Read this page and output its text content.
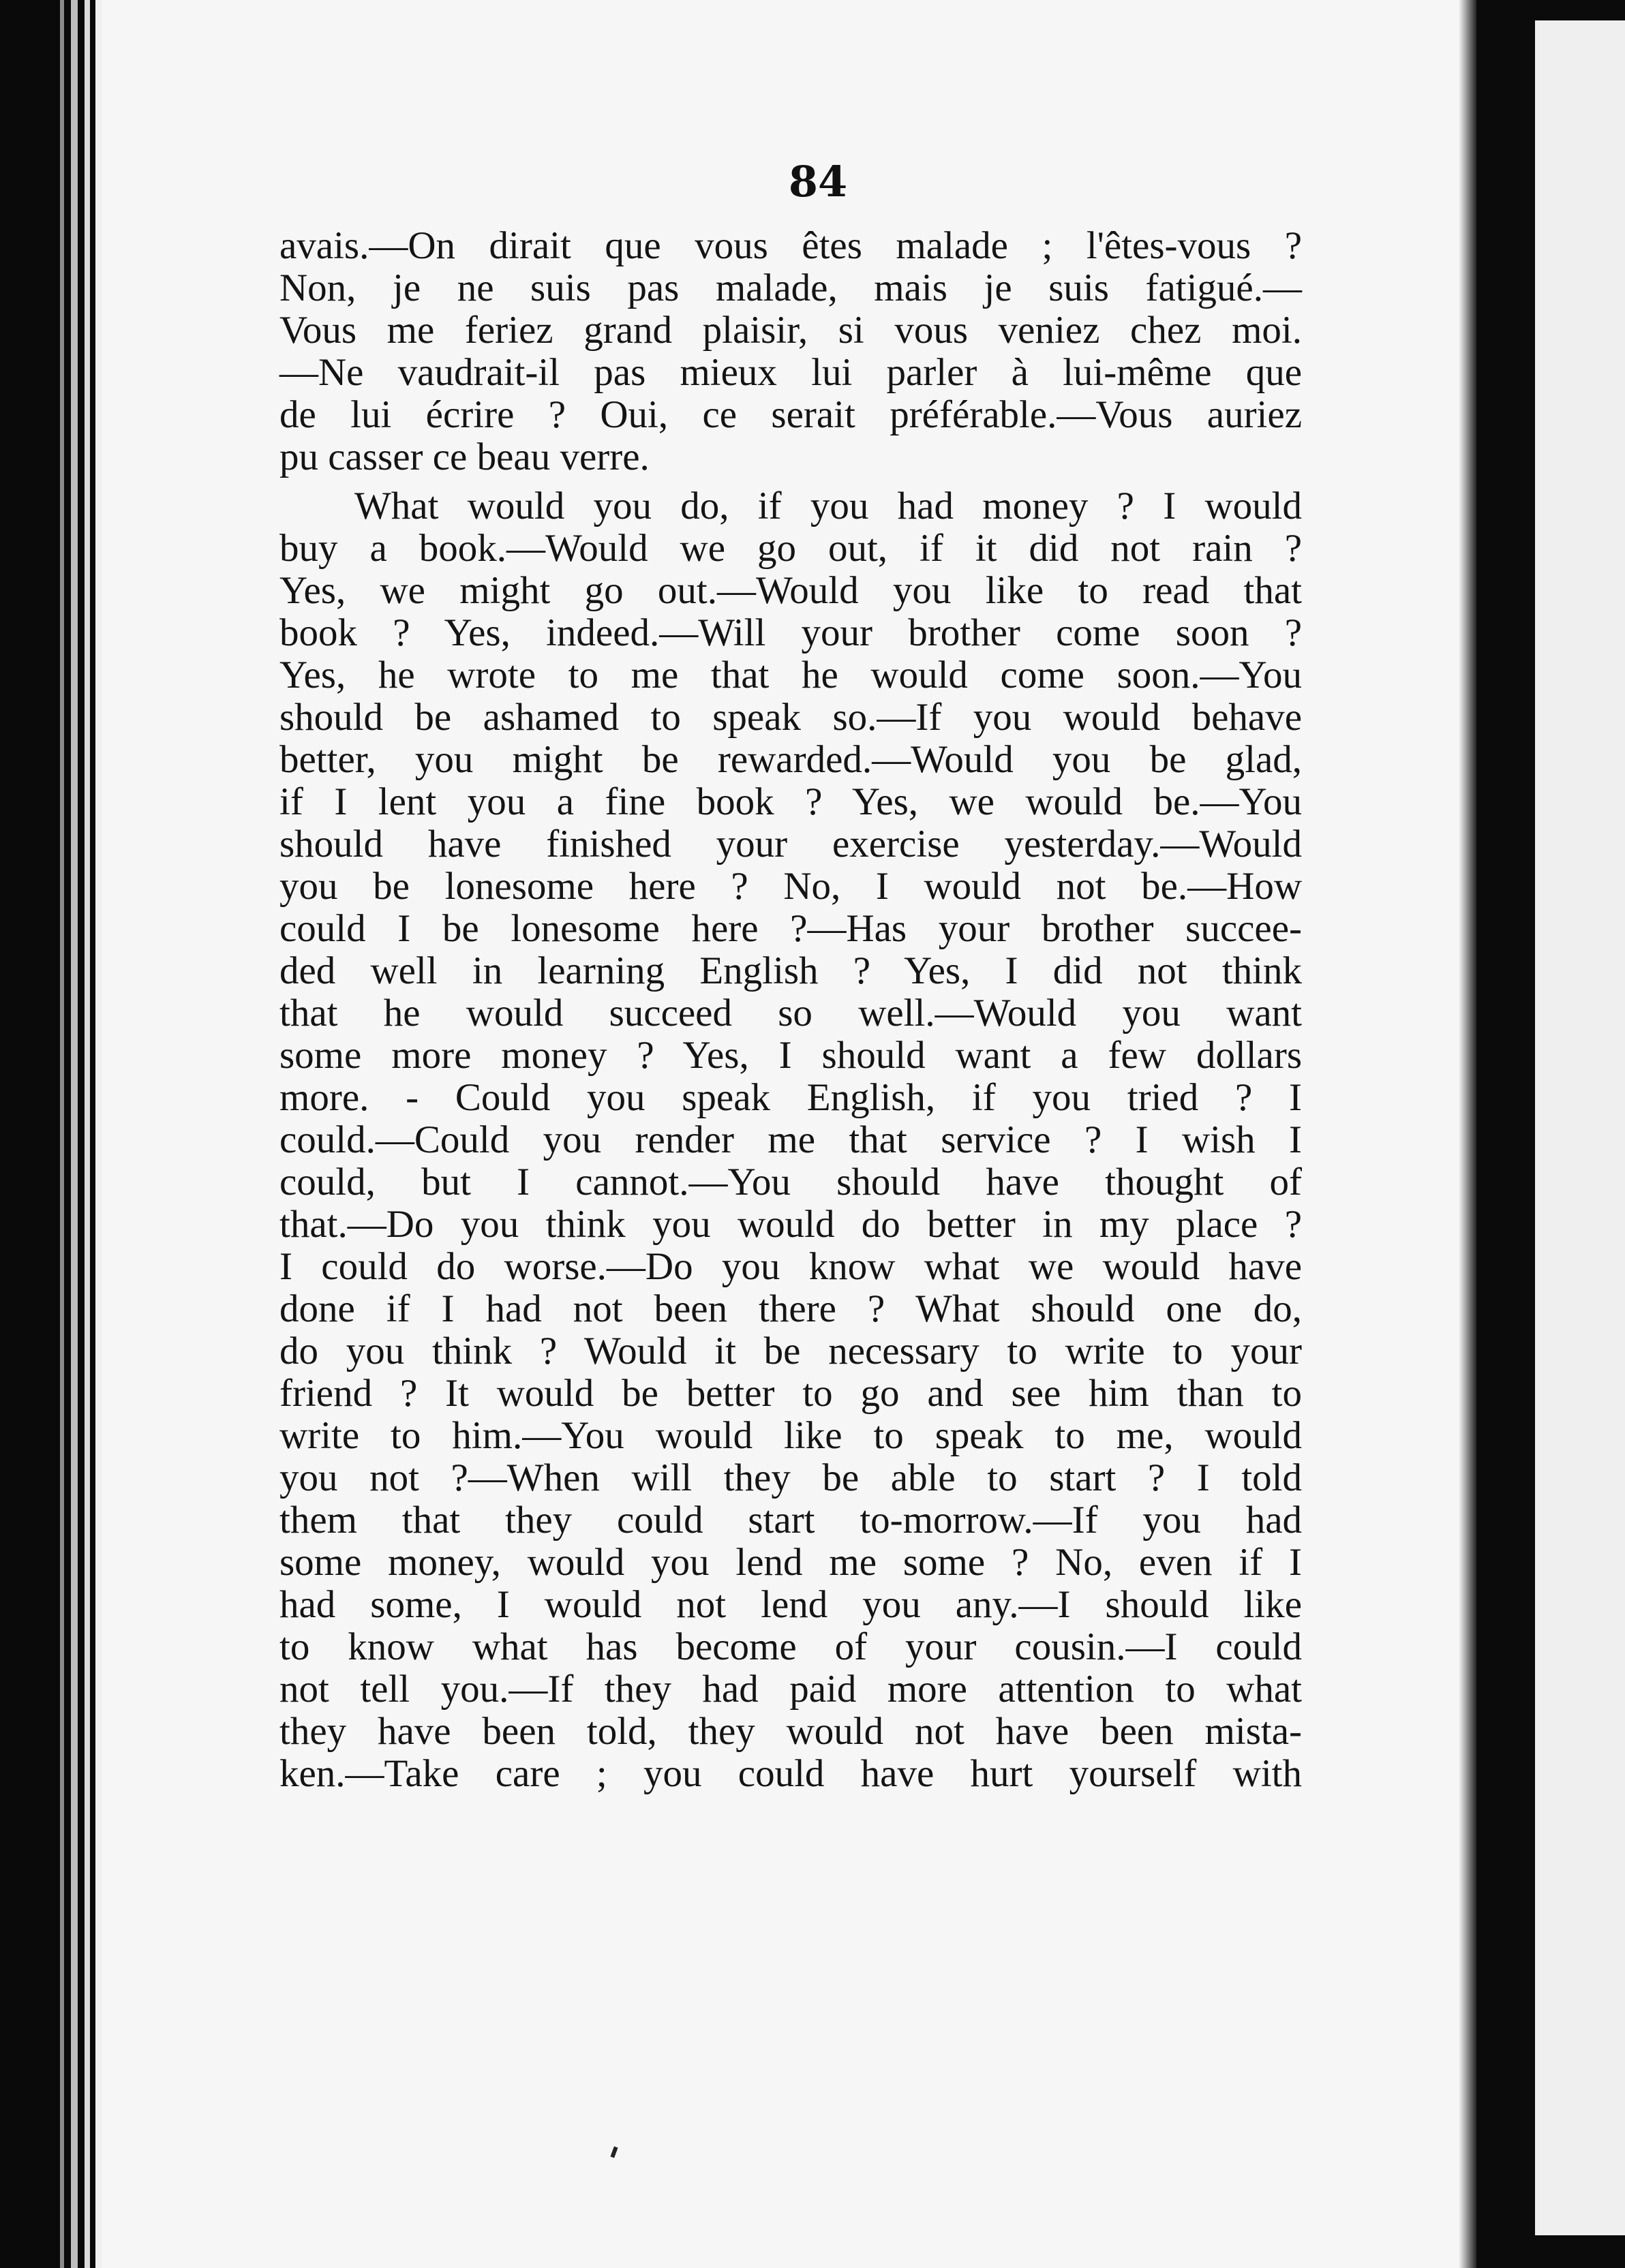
84
avais.—On dirait que vous êtes malade ; l'êtes-vous ?
Non, je ne suis pas malade, mais je suis fatigué.—
Vous me feriez grand plaisir, si vous veniez chez moi.
—Ne vaudrait-il pas mieux lui parler à lui-même que
de lui écrire ? Oui, ce serait préférable.—Vous auriez
pu casser ce beau verre.
What would you do, if you had money ? I would
buy a book.—Would we go out, if it did not rain ?
Yes, we might go out.—Would you like to read that
book ? Yes, indeed.—Will your brother come soon ?
Yes, he wrote to me that he would come soon.—You
should be ashamed to speak so.—If you would behave
better, you might be rewarded.—Would you be glad,
if I lent you a fine book ? Yes, we would be.—You
should have finished your exercise yesterday.—Would
you be lonesome here ? No, I would not be.—How
could I be lonesome here ?—Has your brother succee-
ded well in learning English ? Yes, I did not think
that he would succeed so well.—Would you want
some more money ? Yes, I should want a few dollars
more. - Could you speak English, if you tried ? I
could.—Could you render me that service ? I wish I
could, but I cannot.—You should have thought of
that.—Do you think you would do better in my place ?
I could do worse.—Do you know what we would have
done if I had not been there ? What should one do,
do you think ? Would it be necessary to write to your
friend ? It would be better to go and see him than to
write to him.—You would like to speak to me, would
you not ?—When will they be able to start ? I told
them that they could start to-morrow.—If you had
some money, would you lend me some ? No, even if I
had some, I would not lend you any.—I should like
to know what has become of your cousin.—I could
not tell you.—If they had paid more attention to what
they have been told, they would not have been mista-
ken.—Take care ; you could have hurt yourself with
